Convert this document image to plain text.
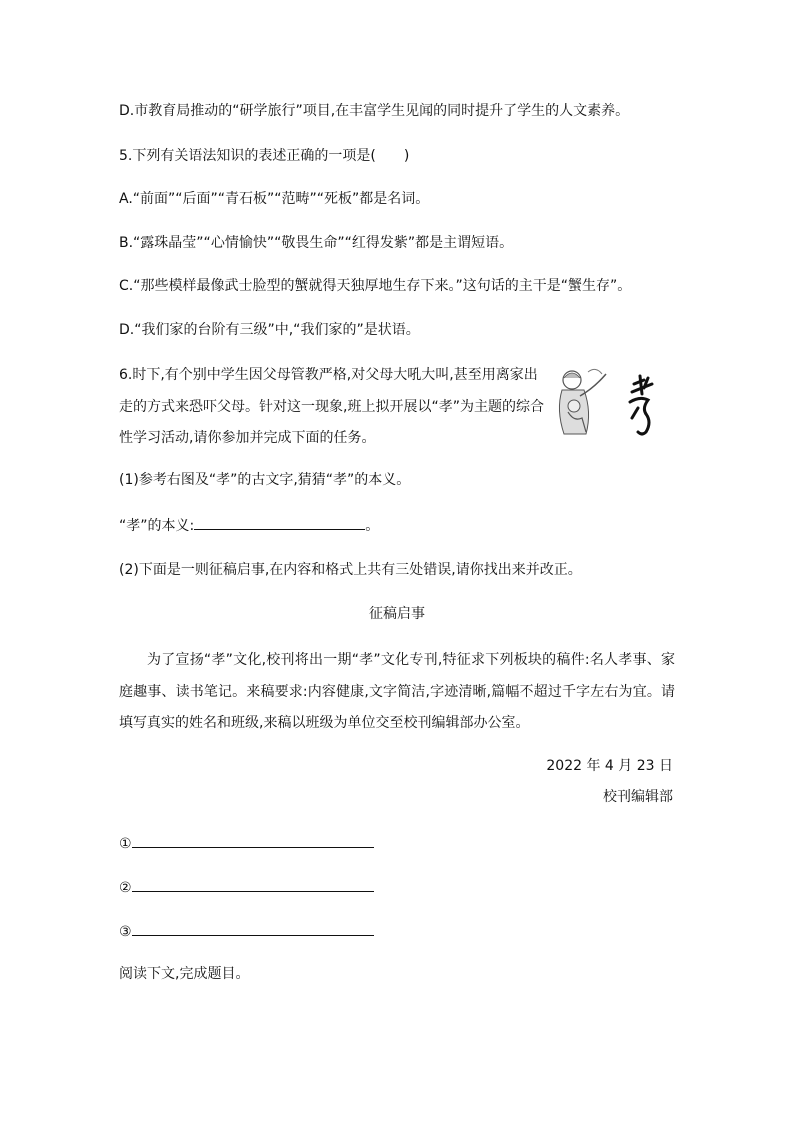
D.市教育局推动的“研学旅行”项目,在丰富学生见闻的同时提升了学生的人文素养。
5.下列有关语法知识的表述正确的一项是(　　)
A.“前面”“后面”“青石板”“范畴”“死板”都是名词。
B.“露珠晶莹”“心情愉快”“敬畏生命”“红得发紫”都是主谓短语。
C.“那些模样最像武士脸型的蟹就得天独厚地生存下来。”这句话的主干是“蟹生存”。
D.“我们家的台阶有三级”中,“我们家的”是状语。
6.时下,有个别中学生因父母管教严格,对父母大吼大叫,甚至用离家出走的方式来恐吓父母。针对这一现象,班上拟开展以“孝”为主题的综合性学习活动,请你参加并完成下面的任务。
(1)参考右图及“孝”的古文字,猜猜“孝”的本义。
“孝”的本义:	。
(2)下面是一则征稿启事,在内容和格式上共有三处错误,请你找出来并改正。
征稿启事
为了宣扬“孝”文化,校刊将出一期“孝”文化专刊,特征求下列板块的稿件:名人孝事、家庭趣事、读书笔记。来稿要求:内容健康,文字简洁,字迹清晰,篇幅不超过千字左右为宜。请填写真实的姓名和班级,来稿以班级为单位交至校刊编辑部办公室。
2022 年 4 月 23 日
校刊编辑部
①
②
③
阅读下文,完成题目。
